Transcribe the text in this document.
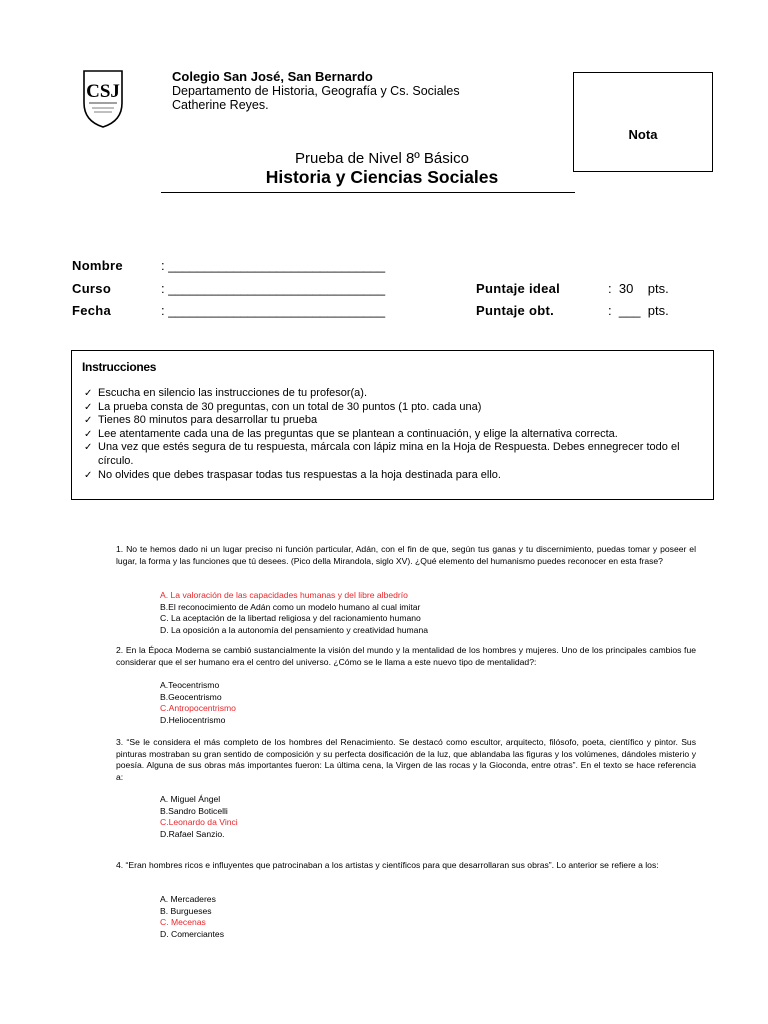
CSJ
Colegio San José, San Bernardo
Departamento de Historia, Geografía y Cs. Sociales
Catherine Reyes.
Nota
Prueba de Nivel 8º Básico
Historia y Ciencias Sociales
Nombre	: ______________________________
Curso	: ______________________________
Fecha	: ______________________________
Puntaje ideal	:  30    pts.
Puntaje obt.	:  ___  pts.
Instrucciones
✓ Escucha en silencio las instrucciones de tu profesor(a).
✓ La prueba consta de 30 preguntas, con un total de 30 puntos (1 pto. cada una)
✓ Tienes 80 minutos para desarrollar tu prueba
✓ Lee atentamente cada una de las preguntas que se plantean a continuación, y elige la alternativa correcta.
✓ Una vez que estés segura de tu respuesta, márcala con lápiz mina en la Hoja de Respuesta. Debes ennegrecer todo el círculo.
✓ No olvides que debes traspasar todas tus respuestas a la hoja destinada para ello.
1. No te hemos dado ni un lugar preciso ni función particular, Adán, con el fin de que, según tus ganas y tu discernimiento, puedas tomar y poseer el lugar, la forma y las funciones que tú desees. (Pico della Mirandola, siglo XV). ¿Qué elemento del humanismo puedes reconocer en esta frase?
A. La valoración de las capacidades humanas y del libre albedrío
B.El reconocimiento de Adán como un modelo humano al cual imitar
C. La aceptación de la libertad religiosa y del racionamiento humano
D. La oposición a la autonomía del pensamiento y creatividad humana
2. En la Época Moderna se cambió sustancialmente la visión del mundo y la mentalidad de los hombres y mujeres. Uno de los principales cambios fue considerar que el ser humano era el centro del universo. ¿Cómo se le llama a este nuevo tipo de mentalidad?:
A.Teocentrismo
B.Geocentrismo
C.Antropocentrismo
D.Heliocentrismo
3. “Se le considera el más completo de los hombres del Renacimiento. Se destacó como escultor, arquitecto, filósofo, poeta, científico y pintor. Sus pinturas mostraban su gran sentido de composición y su perfecta dosificación de la luz, que ablandaba las figuras y los volúmenes, dándoles misterio y poesía. Alguna de sus obras más importantes fueron: La última cena, la Virgen de las rocas y la Gioconda, entre otras”. En el texto se hace referencia a:
A. Miguel Ángel
B.Sandro Boticelli
C.Leonardo da Vinci
D.Rafael Sanzio.
4. “Eran hombres ricos e influyentes que patrocinaban a los artistas y científicos para que desarrollaran sus obras”. Lo anterior se refiere a los:
A. Mercaderes
B. Burgueses
C. Mecenas
D. Comerciantes
